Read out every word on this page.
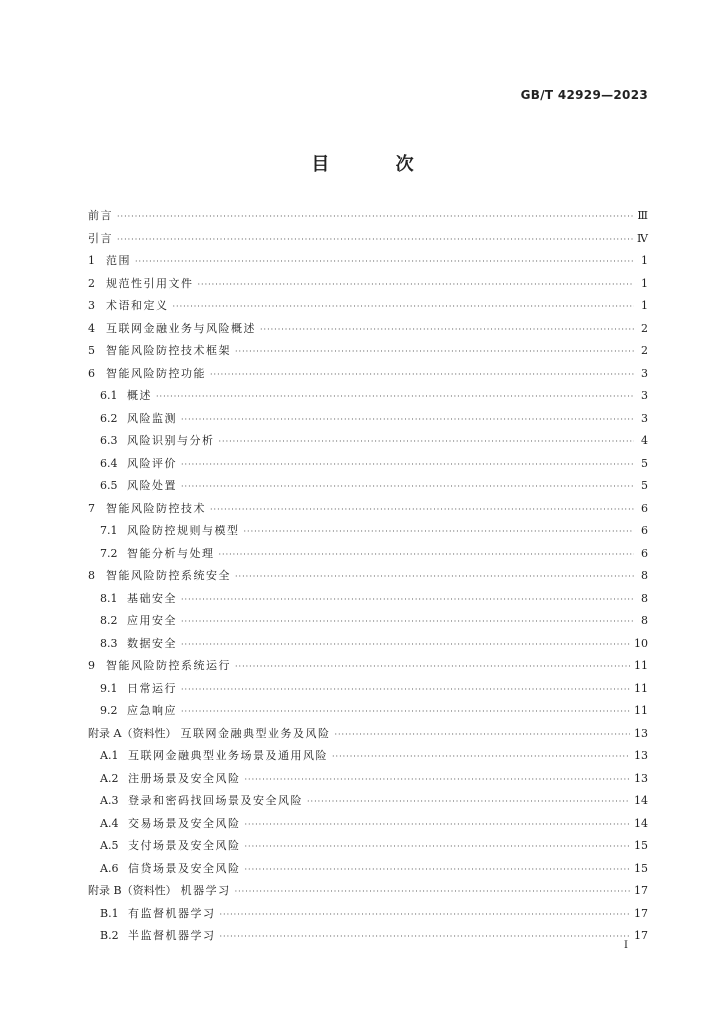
GB/T 42929—2023
目 次
前言 ·····	Ⅲ
引言 ·····	Ⅳ
1	范围 ·····	1
2	规范性引用文件 ·····	1
3	术语和定义 ·····	1
4	互联网金融业务与风险概述 ·····	2
5	智能风险防控技术框架 ·····	2
6	智能风险防控功能 ·····	3
6.1 概述 ·····	3
6.2 风险监测 ·····	3
6.3 风险识别与分析 ·····	4
6.4 风险评价 ·····	5
6.5 风险处置 ·····	5
7	智能风险防控技术 ·····	6
7.1 风险防控规则与模型 ·····	6
7.2 智能分析与处理 ·····	6
8	智能风险防控系统安全 ·····	8
8.1 基础安全 ·····	8
8.2 应用安全 ·····	8
8.3 数据安全 ·····	10
9	智能风险防控系统运行 ·····	11
9.1 日常运行 ·····	11
9.2 应急响应 ·····	11
附录 A（资料性） 互联网金融典型业务及风险 ·····	13
A.1 互联网金融典型业务场景及通用风险 ·····	13
A.2 注册场景及安全风险 ·····	13
A.3 登录和密码找回场景及安全风险 ·····	14
A.4 交易场景及安全风险 ·····	14
A.5 支付场景及安全风险 ·····	15
A.6 信贷场景及安全风险 ·····	15
附录 B（资料性） 机器学习 ·····	17
B.1 有监督机器学习 ·····	17
B.2 半监督机器学习 ·····	17
I
